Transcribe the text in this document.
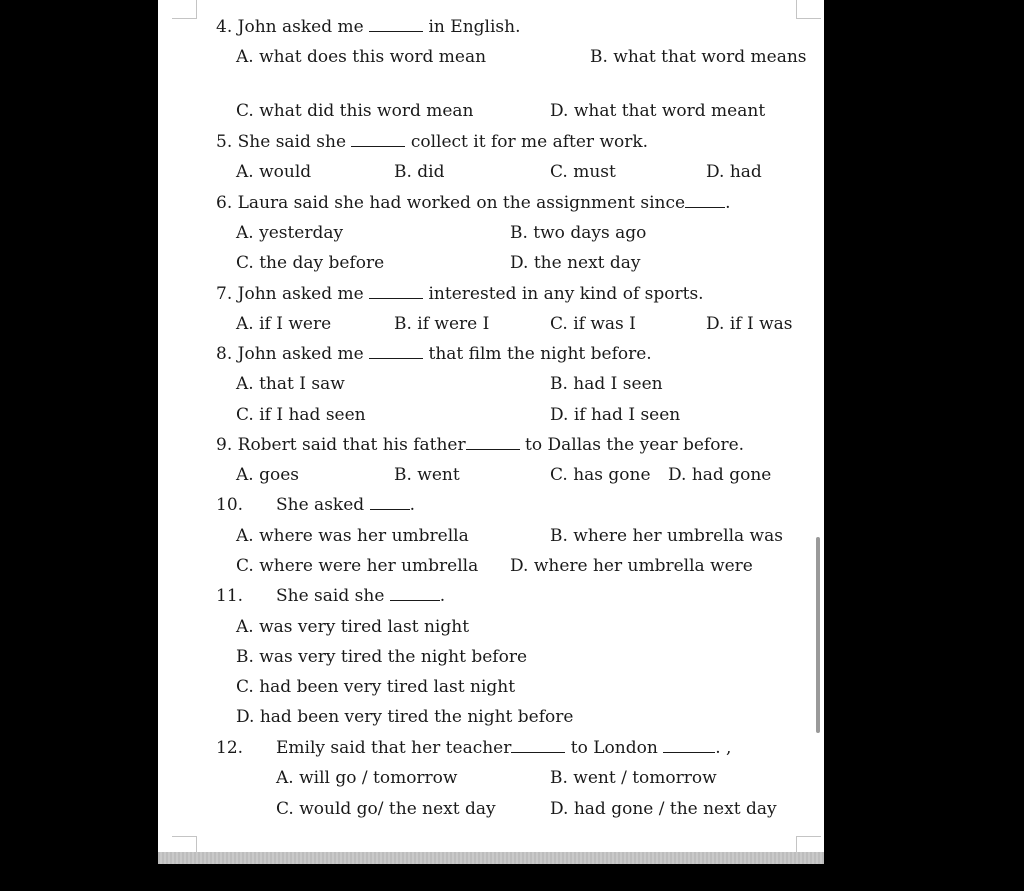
4. John asked me	in English.
A. what does this word mean	B. what that word means
C. what did this word mean	D. what that word meant
5. She said she	collect it for me after work.
A. would	B. did	C. must	D. had
6. Laura said she had worked on the assignment since .
A. yesterday	B. two days ago
C. the day before	D. the next day
7. John asked me	interested in any kind of sports.
A. if I were	B. if were I	C. if was I	D. if I was
8. John asked me	that film the night before.
A. that I saw	B. had I seen
C. if I had seen	D. if had I seen
9. Robert said that his father	to Dallas the year before.
A. goes	B. went	C. has gone D. had gone
10. She asked	.
A. where was her umbrella	B. where her umbrella was
C. where were her umbrella D. where her umbrella were
11. She said she	.
A. was very tired last night
B. was very tired the night before
C. had been very tired last night
D. had been very tired the night before
12. Emily said that her teacher	to London	. ,
A. will go / tomorrow	B. went / tomorrow
C. would go/ the next day	D. had gone / the next day
